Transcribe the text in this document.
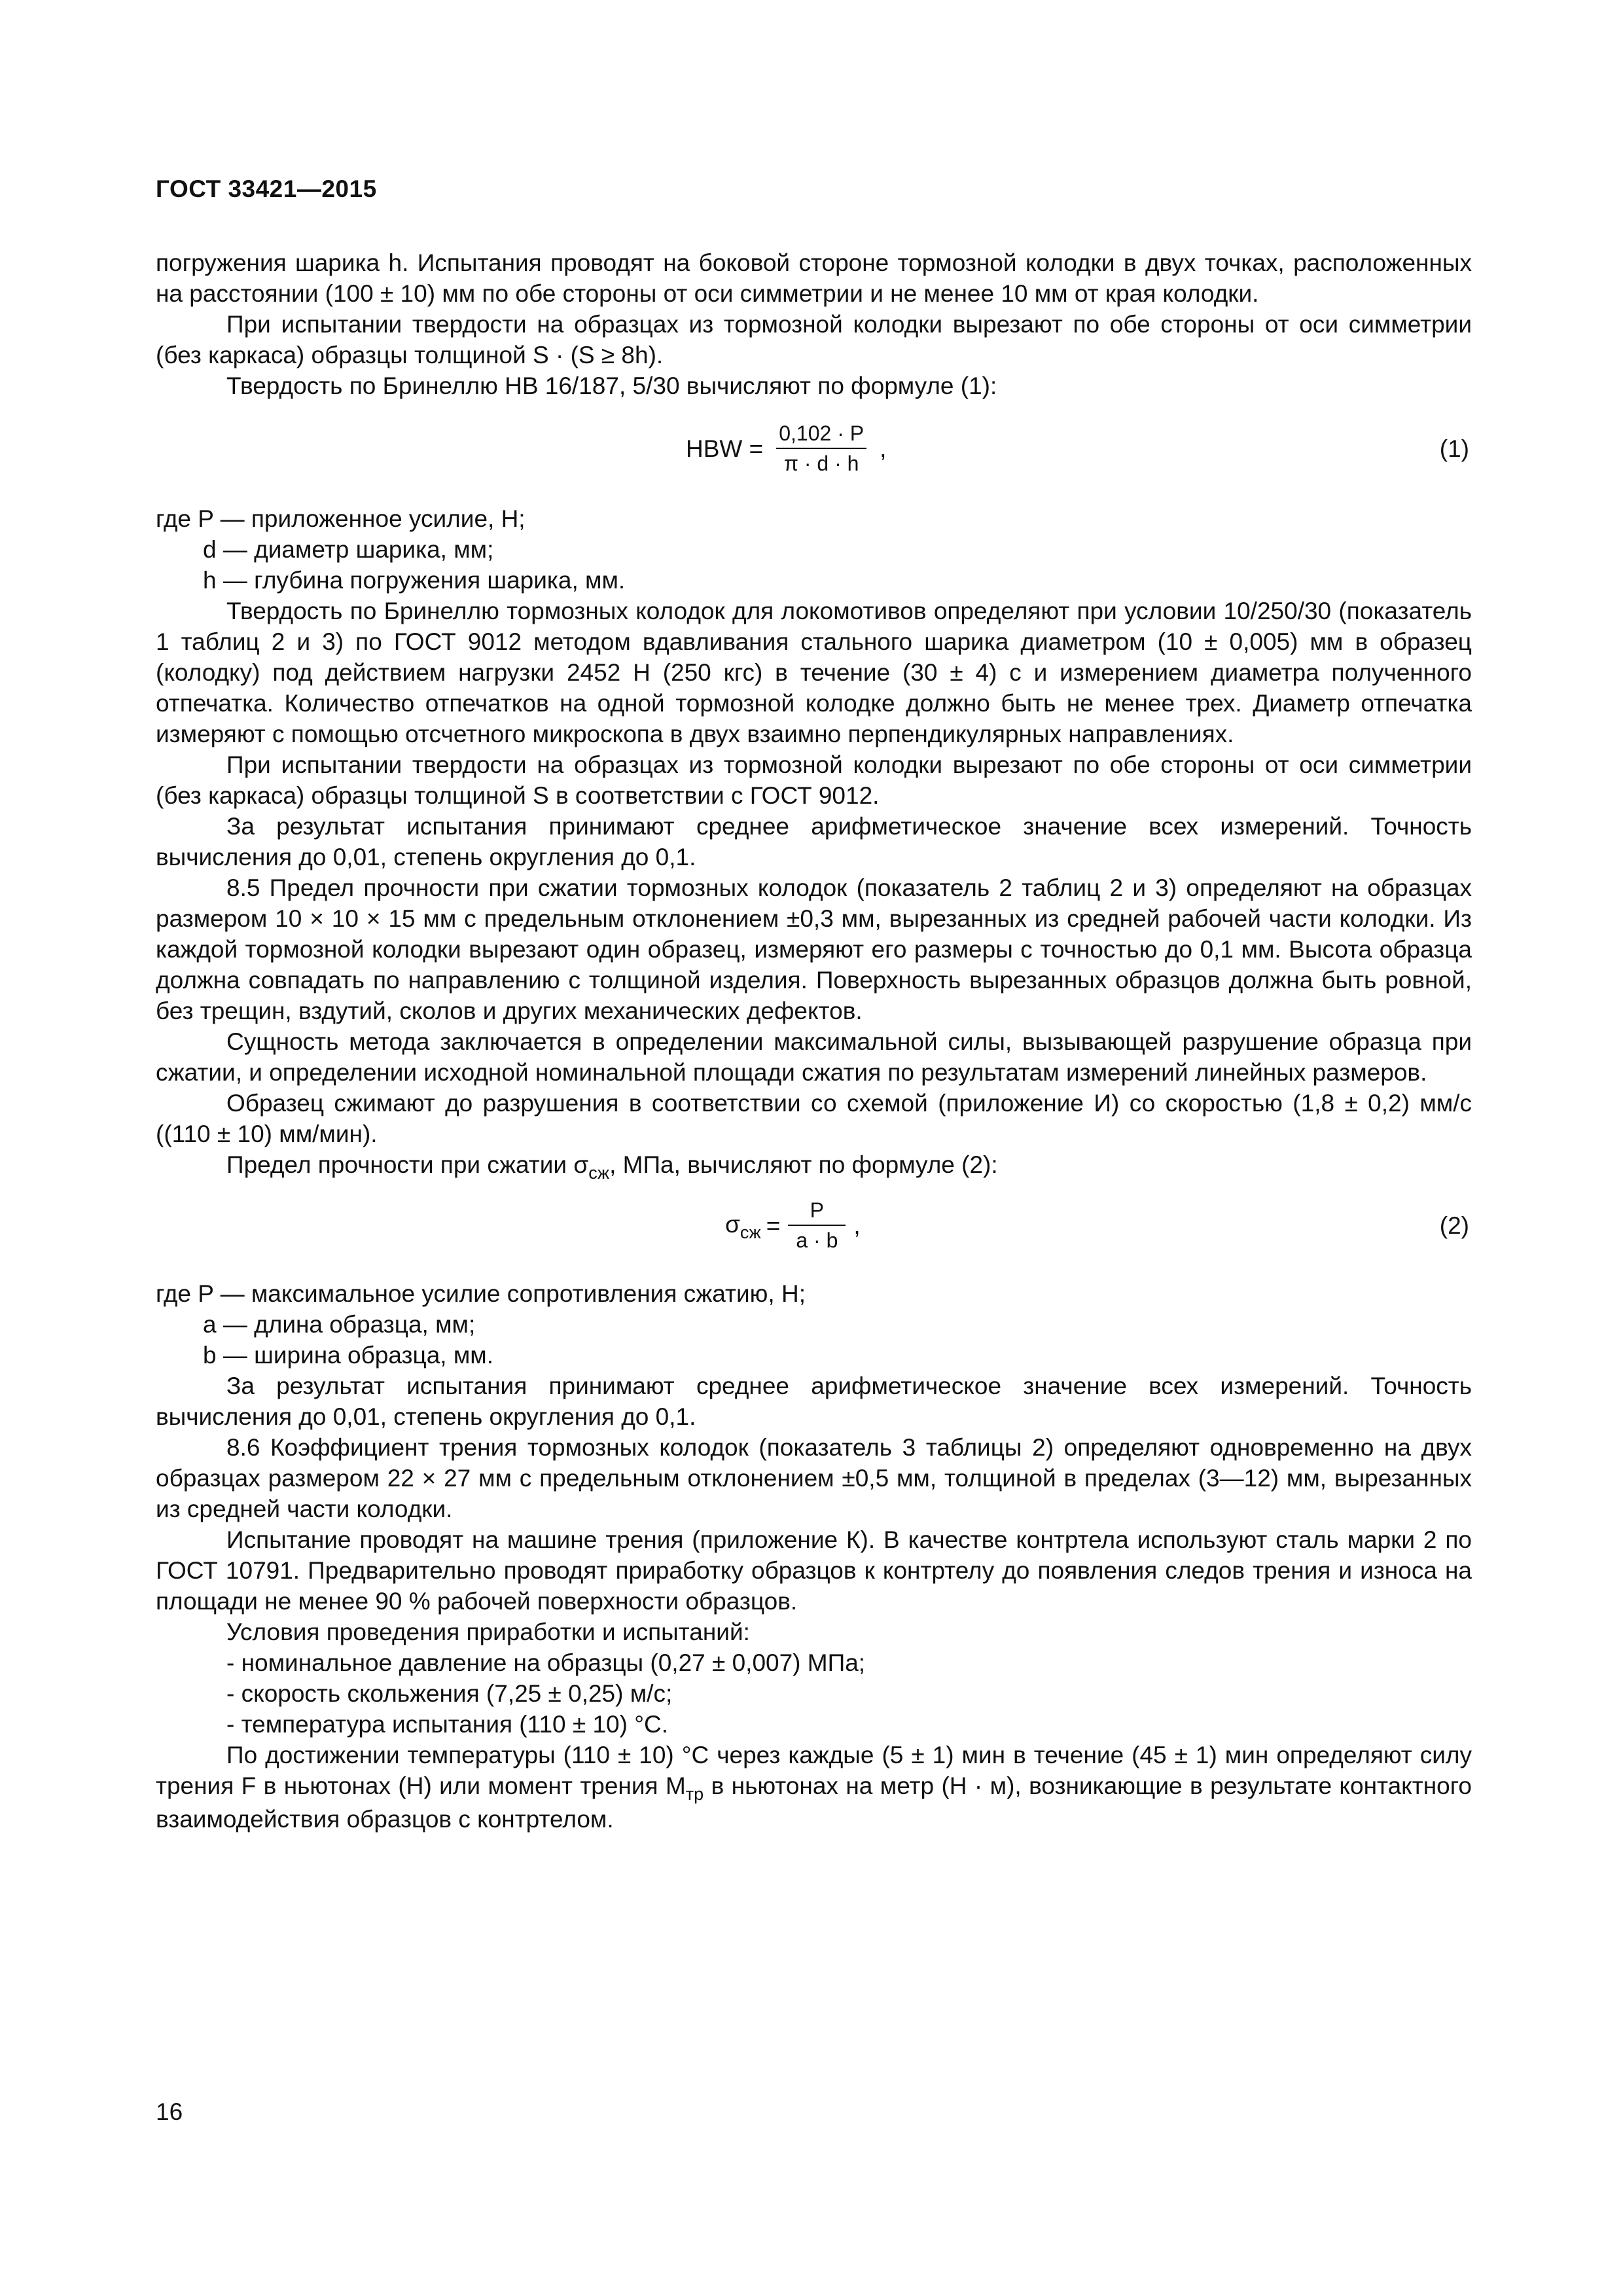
ГОСТ 33421—2015

погружения шарика h. Испытания проводят на боковой стороне тормозной колодки в двух точках, расположенных на расстоянии (100 ± 10) мм по обе стороны от оси симметрии и не менее 10 мм от края колодки.

При испытании твердости на образцах из тормозной колодки вырезают по обе стороны от оси симметрии (без каркаса) образцы толщиной S · (S ≥ 8h).

Твердость по Бринеллю НВ 16/187, 5/30 вычисляют по формуле (1):

HBW = $\frac{0,102 \cdot P}{\pi \cdot d \cdot h}$ ,	(1)

где P — приложенное усилие, Н;

d — диаметр шарика, мм;

h — глубина погружения шарика, мм.

Твердость по Бринеллю тормозных колодок для локомотивов определяют при условии 10/250/30 (показатель 1 таблиц 2 и 3) по ГОСТ 9012 методом вдавливания стального шарика диаметром (10 ± 0,005) мм в образец (колодку) под действием нагрузки 2452 Н (250 кгс) в течение (30 ± 4) с и измерением диаметра полученного отпечатка. Количество отпечатков на одной тормозной колодке должно быть не менее трех. Диаметр отпечатка измеряют с помощью отсчетного микроскопа в двух взаимно перпендикулярных направлениях.

При испытании твердости на образцах из тормозной колодки вырезают по обе стороны от оси симметрии (без каркаса) образцы толщиной S в соответствии с ГОСТ 9012.

За результат испытания принимают среднее арифметическое значение всех измерений. Точность вычисления до 0,01, степень округления до 0,1.

8.5 Предел прочности при сжатии тормозных колодок (показатель 2 таблиц 2 и 3) определяют на образцах размером 10 × 10 × 15 мм с предельным отклонением ±0,3 мм, вырезанных из средней рабочей части колодки. Из каждой тормозной колодки вырезают один образец, измеряют его размеры с точностью до 0,1 мм. Высота образца должна совпадать по направлению с толщиной изделия. Поверхность вырезанных образцов должна быть ровной, без трещин, вздутий, сколов и других механических дефектов.

Сущность метода заключается в определении максимальной силы, вызывающей разрушение образца при сжатии, и определении исходной номинальной площади сжатия по результатам измерений линейных размеров.

Образец сжимают до разрушения в соответствии со схемой (приложение И) со скоростью (1,8 ± 0,2) мм/с ((110 ± 10) мм/мин).

Предел прочности при сжатии $\sigma_{сж}$, МПа, вычисляют по формуле (2):

$\sigma_{сж} = \frac{P}{a \cdot b}$ ,	(2)

где P — максимальное усилие сопротивления сжатию, Н;

a — длина образца, мм;

b — ширина образца, мм.

За результат испытания принимают среднее арифметическое значение всех измерений. Точность вычисления до 0,01, степень округления до 0,1.

8.6 Коэффициент трения тормозных колодок (показатель 3 таблицы 2) определяют одновременно на двух образцах размером 22 × 27 мм с предельным отклонением ±0,5 мм, толщиной в пределах (3—12) мм, вырезанных из средней части колодки.

Испытание проводят на машине трения (приложение К). В качестве контртела используют сталь марки 2 по ГОСТ 10791. Предварительно проводят приработку образцов к контртелу до появления следов трения и износа на площади не менее 90 % рабочей поверхности образцов.

Условия проведения приработки и испытаний:

- номинальное давление на образцы (0,27 ± 0,007) МПа;

- скорость скольжения (7,25 ± 0,25) м/с;

- температура испытания (110 ± 10) °С.

По достижении температуры (110 ± 10) °С через каждые (5 ± 1) мин в течение (45 ± 1) мин определяют силу трения F в ньютонах (Н) или момент трения $M_{тр}$ в ньютонах на метр (Н · м), возникающие в результате контактного взаимодействия образцов с контртелом.

16
